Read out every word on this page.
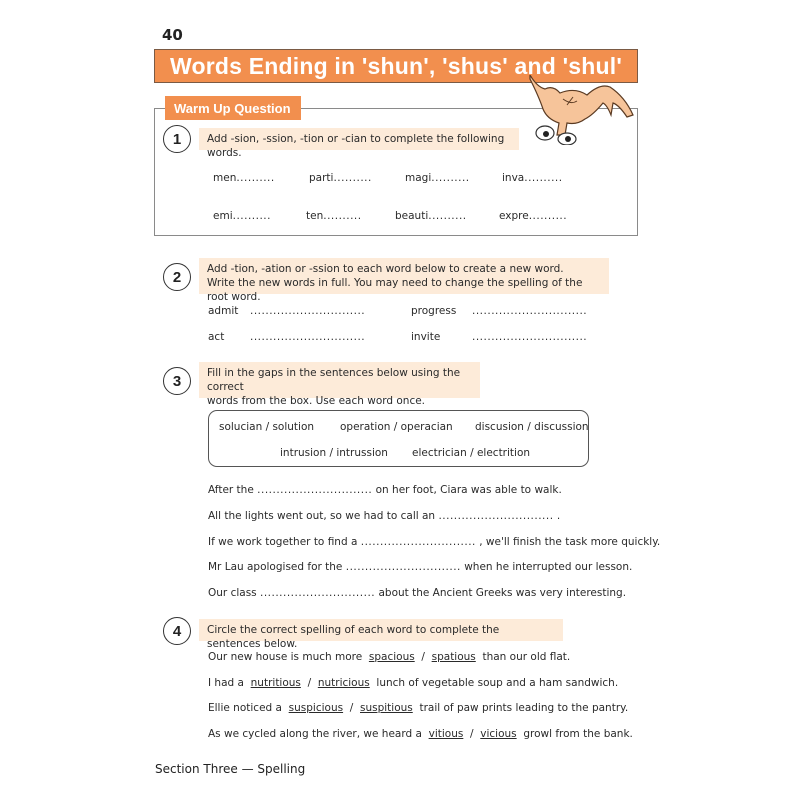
40
Words Ending in 'shun', 'shus' and 'shul'
Warm Up Question
1	Add -sion, -ssion, -tion or -cian to complete the following words.
men..........	parti..........	magi..........	inva..........
emi..........	ten..........	beauti..........	expre..........
2	Add -tion, -ation or -ssion to each word below to create a new word.
Write the new words in full. You may need to change the spelling of the root word.
admit ..............................	progress ..............................
act ..............................	invite	..............................
3	Fill in the gaps in the sentences below using the correct
words from the box. Use each word once.
solucian / solution operation / operacian discusion / discussion
intrusion / intrussion electrician / electrition
After the .............................. on her foot, Ciara was able to walk.
All the lights went out, so we had to call an .............................. .
If we work together to find a .............................. , we'll finish the task more quickly.
Mr Lau apologised for the .............................. when he interrupted our lesson.
Our class .............................. about the Ancient Greeks was very interesting.
4	Circle the correct spelling of each word to complete the sentences below.
Our new house is much more spacious / spatious than our old flat.
I had a nutritious / nutricious lunch of vegetable soup and a ham sandwich.
Ellie noticed a suspicious / suspitious trail of paw prints leading to the pantry.
As we cycled along the river, we heard a vitious / vicious growl from the bank.
Section Three — Spelling
